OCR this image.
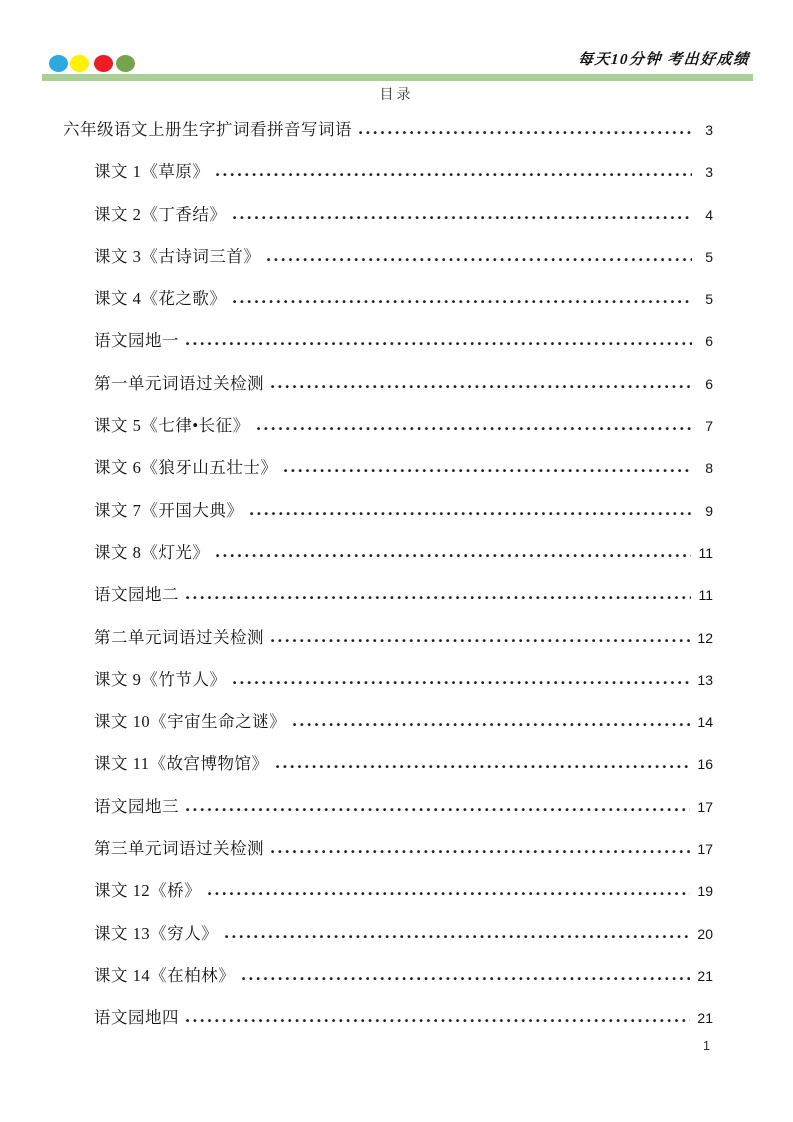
每天10分钟 考出好成绩
目录
六年级语文上册生字扩词看拼音写词语	3
课文 1《草原》	3
课文 2《丁香结》	4
课文 3《古诗词三首》	5
课文 4《花之歌》	5
语文园地一	6
第一单元词语过关检测	6
课文 5《七律•长征》	7
课文 6《狼牙山五壮士》	8
课文 7《开国大典》	9
课文 8《灯光》	11
语文园地二	11
第二单元词语过关检测	12
课文 9《竹节人》	13
课文 10《宇宙生命之谜》	14
课文 11《故宫博物馆》	16
语文园地三	17
第三单元词语过关检测	17
课文 12《桥》	19
课文 13《穷人》	20
课文 14《在柏林》	21
语文园地四	21
1
